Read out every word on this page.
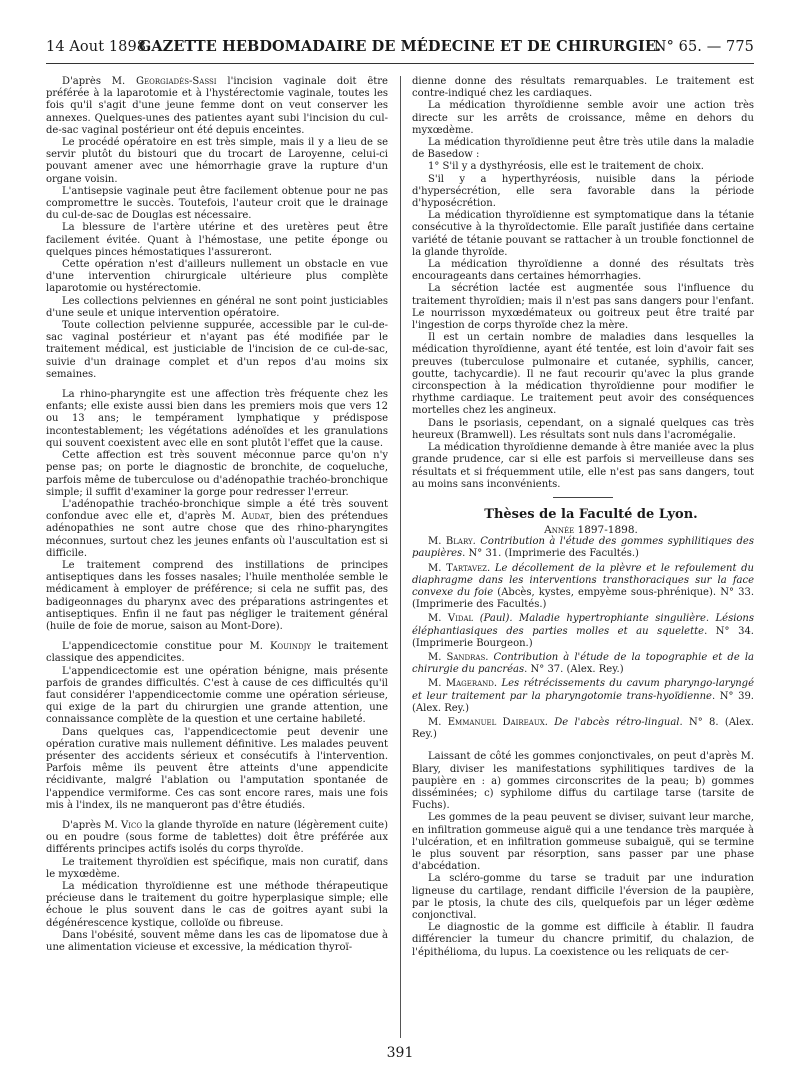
14 Aout 1898.
GAZETTE HEBDOMADAIRE DE MÉDECINE ET DE CHIRURGIE.
N° 65. — 775

D'après M. Georgiadès-Sassi l'incision vaginale doit être préférée à la laparotomie et à l'hystérectomie vaginale, toutes les fois qu'il s'agit d'une jeune femme dont on veut conserver les annexes. Quelques-unes des patientes ayant subi l'incision du cul-de-sac vaginal postérieur ont été depuis enceintes.

Le procédé opératoire en est très simple, mais il y a lieu de se servir plutôt du bistouri que du trocart de Laroyenne, celui-ci pouvant amener avec une hémorrhagie grave la rupture d'un organe voisin.

L'antisepsie vaginale peut être facilement obtenue pour ne pas compromettre le succès. Toutefois, l'auteur croit que le drainage du cul-de-sac de Douglas est nécessaire.

La blessure de l'artère utérine et des uretères peut être facilement évitée. Quant à l'hémostase, une petite éponge ou quelques pinces hémostatiques l'assureront.

Cette opération n'est d'ailleurs nullement un obstacle en vue d'une intervention chirurgicale ultérieure plus complète laparotomie ou hystérectomie.

Les collections pelviennes en général ne sont point justiciables d'une seule et unique intervention opératoire.

Toute collection pelvienne suppurée, accessible par le cul-de-sac vaginal postérieur et n'ayant pas été modifiée par le traitement médical, est justiciable de l'incision de ce cul-de-sac, suivie d'un drainage complet et d'un repos d'au moins six semaines.

La rhino-pharyngite est une affection très fréquente chez les enfants; elle existe aussi bien dans les premiers mois que vers 12 ou 13 ans; le tempérament lymphatique y prédispose incontestablement; les végétations adénoïdes et les granulations qui souvent coexistent avec elle en sont plutôt l'effet que la cause.

Cette affection est très souvent méconnue parce qu'on n'y pense pas; on porte le diagnostic de bronchite, de coqueluche, parfois même de tuberculose ou d'adénopathie trachéo-bronchique simple; il suffit d'examiner la gorge pour redresser l'erreur.

L'adénopathie trachéo-bronchique simple a été très souvent confondue avec elle et, d'après M. Audat, bien des prétendues adénopathies ne sont autre chose que des rhino-pharyngites méconnues, surtout chez les jeunes enfants où l'auscultation est si difficile.

Le traitement comprend des instillations de principes antiseptiques dans les fosses nasales; l'huile mentholée semble le médicament à employer de préférence; si cela ne suffit pas, des badigeonnages du pharynx avec des préparations astringentes et antiseptiques. Enfin il ne faut pas négliger le traitement général (huile de foie de morue, saison au Mont-Dore).

L'appendicectomie constitue pour M. Kouindjy le traitement classique des appendicites.

L'appendicectomie est une opération bénigne, mais présente parfois de grandes difficultés. C'est à cause de ces difficultés qu'il faut considérer l'appendicectomie comme une opération sérieuse, qui exige de la part du chirurgien une grande attention, une connaissance complète de la question et une certaine habileté.

Dans quelques cas, l'appendicectomie peut devenir une opération curative mais nullement définitive. Les malades peuvent présenter des accidents sérieux et consécutifs à l'intervention. Parfois même ils peuvent être atteints d'une appendicite récidivante, malgré l'ablation ou l'amputation spontanée de l'appendice vermiforme. Ces cas sont encore rares, mais une fois mis à l'index, ils ne manqueront pas d'être étudiés.

D'après M. Vico la glande thyroïde en nature (légèrement cuite) ou en poudre (sous forme de tablettes) doit être préférée aux différents principes actifs isolés du corps thyroïde.

Le traitement thyroïdien est spécifique, mais non curatif, dans le myxœdème.

La médication thyroïdienne est une méthode thérapeutique précieuse dans le traitement du goitre hyperplasique simple; elle échoue le plus souvent dans le cas de goitres ayant subi la dégénérescence kystique, colloïde ou fibreuse.

Dans l'obésité, souvent même dans les cas de lipomatose due à une alimentation vicieuse et excessive, la médication thyroï-

dienne donne des résultats remarquables. Le traitement est contre-indiqué chez les cardiaques.

La médication thyroïdienne semble avoir une action très directe sur les arrêts de croissance, même en dehors du myxœdème.

La médication thyroïdienne peut être très utile dans la maladie de Basedow :

1° S'il y a dysthyréosis, elle est le traitement de choix.

S'il y a hyperthyréosis, nuisible dans la période d'hypersécrétion, elle sera favorable dans la période d'hyposécrétion.

La médication thyroïdienne est symptomatique dans la tétanie consécutive à la thyroïdectomie. Elle paraît justifiée dans certaine variété de tétanie pouvant se rattacher à un trouble fonctionnel de la glande thyroïde.

La médication thyroïdienne a donné des résultats très encourageants dans certaines hémorrhagies.

La sécrétion lactée est augmentée sous l'influence du traitement thyroïdien; mais il n'est pas sans dangers pour l'enfant. Le nourrisson myxœdémateux ou goitreux peut être traité par l'ingestion de corps thyroïde chez la mère.

Il est un certain nombre de maladies dans lesquelles la médication thyroïdienne, ayant été tentée, est loin d'avoir fait ses preuves (tuberculose pulmonaire et cutanée, syphilis, cancer, goutte, tachycardie). Il ne faut recourir qu'avec la plus grande circonspection à la médication thyroïdienne pour modifier le rhythme cardiaque. Le traitement peut avoir des conséquences mortelles chez les angineux.

Dans le psoriasis, cependant, on a signalé quelques cas très heureux (Bramwell). Les résultats sont nuls dans l'acromégalie.

La médication thyroïdienne demande à être maniée avec la plus grande prudence, car si elle est parfois si merveilleuse dans ses résultats et si fréquemment utile, elle n'est pas sans dangers, tout au moins sans inconvénients.

Thèses de la Faculté de Lyon.

Année 1897-1898.

M. Blary. Contribution à l'étude des gommes syphilitiques des paupières. N° 31. (Imprimerie des Facultés.)

M. Tartavez. Le décollement de la plèvre et le refoulement du diaphragme dans les interventions transthoraciques sur la face convexe du foie (Abcès, kystes, empyème sous-phrénique). N° 33. (Imprimerie des Facultés.)

M. Vidal (Paul). Maladie hypertrophiante singulière. Lésions éléphantiasiques des parties molles et au squelette. N° 34. (Imprimerie Bourgeon.)

M. Sandras. Contribution à l'étude de la topographie et de la chirurgie du pancréas. N° 37. (Alex. Rey.)

M. Magerand. Les rétrécissements du cavum pharyngo-laryngé et leur traitement par la pharyngotomie trans-hyoïdienne. N° 39. (Alex. Rey.)

M. Emmanuel Daireaux. De l'abcès rétro-lingual. N° 8. (Alex. Rey.)

Laissant de côté les gommes conjonctivales, on peut d'après M. Blary, diviser les manifestations syphilitiques tardives de la paupière en : a) gommes circonscrites de la peau; b) gommes disséminées; c) syphilome diffus du cartilage tarse (tarsite de Fuchs).

Les gommes de la peau peuvent se diviser, suivant leur marche, en infiltration gommeuse aiguë qui a une tendance très marquée à l'ulcération, et en infiltration gommeuse subaiguë, qui se termine le plus souvent par résorption, sans passer par une phase d'abcédation.

La scléro-gomme du tarse se traduit par une induration ligneuse du cartilage, rendant difficile l'éversion de la paupière, par le ptosis, la chute des cils, quelquefois par un léger œdème conjonctival.

Le diagnostic de la gomme est difficile à établir. Il faudra différencier la tumeur du chancre primitif, du chalazion, de l'épithélioma, du lupus. La coexistence ou les reliquats de cer-

391
